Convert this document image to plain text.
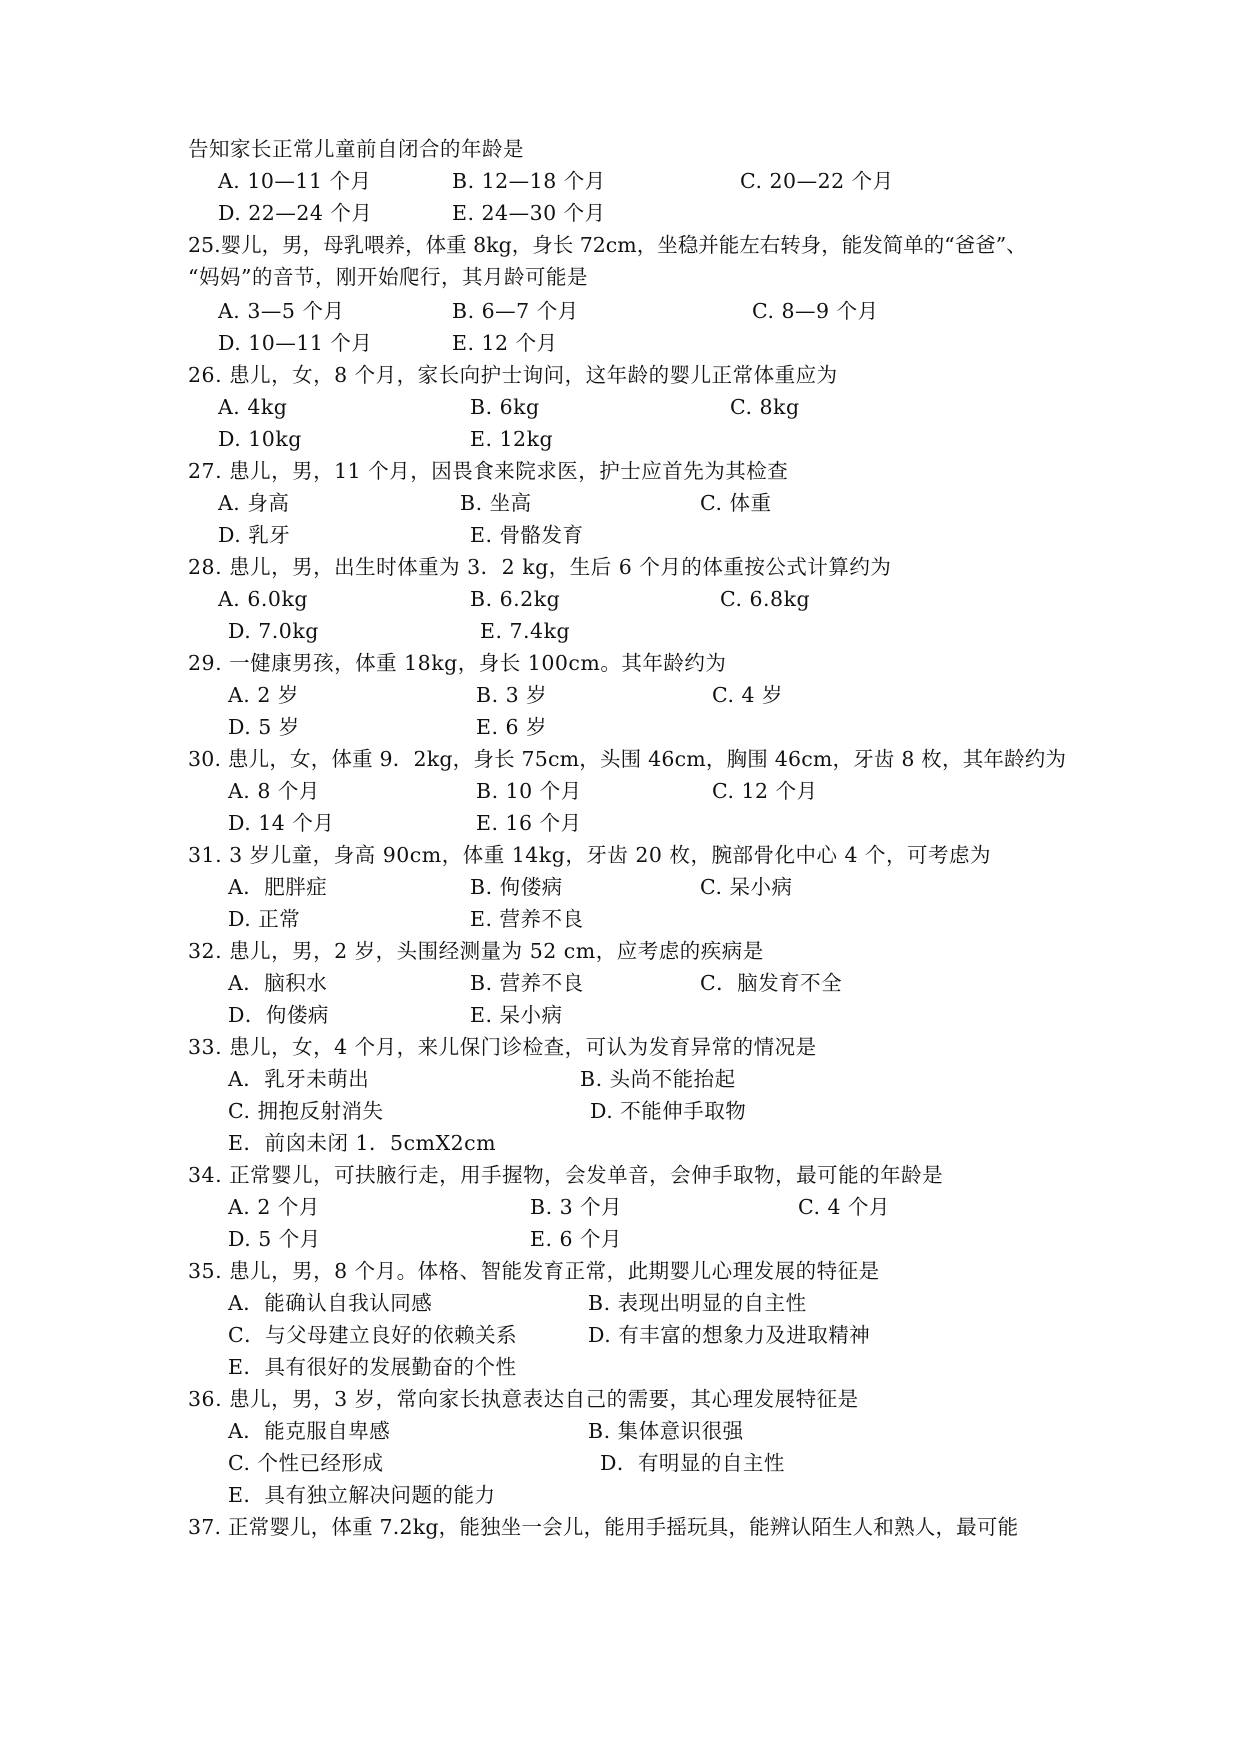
告知家长正常儿童前自闭合的年龄是
A. 10—11 个月	B. 12—18 个月	C. 20—22 个月
D. 22—24 个月	E. 24—30 个月
25.婴儿，男，母乳喂养，体重 8kg，身长 72cm，坐稳并能左右转身，能发简单的“爸爸”、
“妈妈”的音节，刚开始爬行，其月龄可能是
A. 3—5 个月	B. 6—7 个月	C. 8—9 个月
D. 10—11 个月	E. 12 个月
26. 患儿，女，8 个月，家长向护士询问，这年龄的婴儿正常体重应为
A. 4kg	B. 6kg	C. 8kg
D. 10kg	E. 12kg
27. 患儿，男，11 个月，因畏食来院求医，护士应首先为其检查
A. 身高	B. 坐高	C. 体重
D. 乳牙	E. 骨骼发育
28. 患儿，男，出生时体重为 3．2 kg，生后 6 个月的体重按公式计算约为
A. 6.0kg	B. 6.2kg	C. 6.8kg
D. 7.0kg	E. 7.4kg
29. 一健康男孩，体重 18kg，身长 100cm。其年龄约为
A. 2 岁	B. 3 岁	C. 4 岁
D. 5 岁	E. 6 岁
30. 患儿，女，体重 9．2kg，身长 75cm，头围 46cm，胸围 46cm，牙齿 8 枚，其年龄约为
A. 8 个月	B. 10 个月	C. 12 个月
D. 14 个月	E. 16 个月
31. 3 岁儿童，身高 90cm，体重 14kg，牙齿 20 枚，腕部骨化中心 4 个，可考虑为
A．肥胖症	B. 佝偻病	C. 呆小病
D. 正常	E. 营养不良
32. 患儿，男，2 岁，头围经测量为 52 cm，应考虑的疾病是
A．脑积水	B. 营养不良	C．脑发育不全
D．佝偻病	E. 呆小病
33. 患儿，女，4 个月，来儿保门诊检查，可认为发育异常的情况是
A．乳牙未萌出	B. 头尚不能抬起
C. 拥抱反射消失	D. 不能伸手取物
E．前囟未闭 1．5cmX2cm
34. 正常婴儿，可扶腋行走，用手握物，会发单音，会伸手取物，最可能的年龄是
A. 2 个月	B. 3 个月	C. 4 个月
D. 5 个月	E. 6 个月
35. 患儿，男，8 个月。体格、智能发育正常，此期婴儿心理发展的特征是
A．能确认自我认同感	B. 表现出明显的自主性
C．与父母建立良好的依赖关系	D. 有丰富的想象力及进取精神
E．具有很好的发展勤奋的个性
36. 患儿，男，3 岁，常向家长执意表达自己的需要，其心理发展特征是
A．能克服自卑感	B. 集体意识很强
C. 个性已经形成	D．有明显的自主性
E．具有独立解决问题的能力
37. 正常婴儿，体重 7.2kg，能独坐一会儿，能用手摇玩具，能辨认陌生人和熟人，最可能
